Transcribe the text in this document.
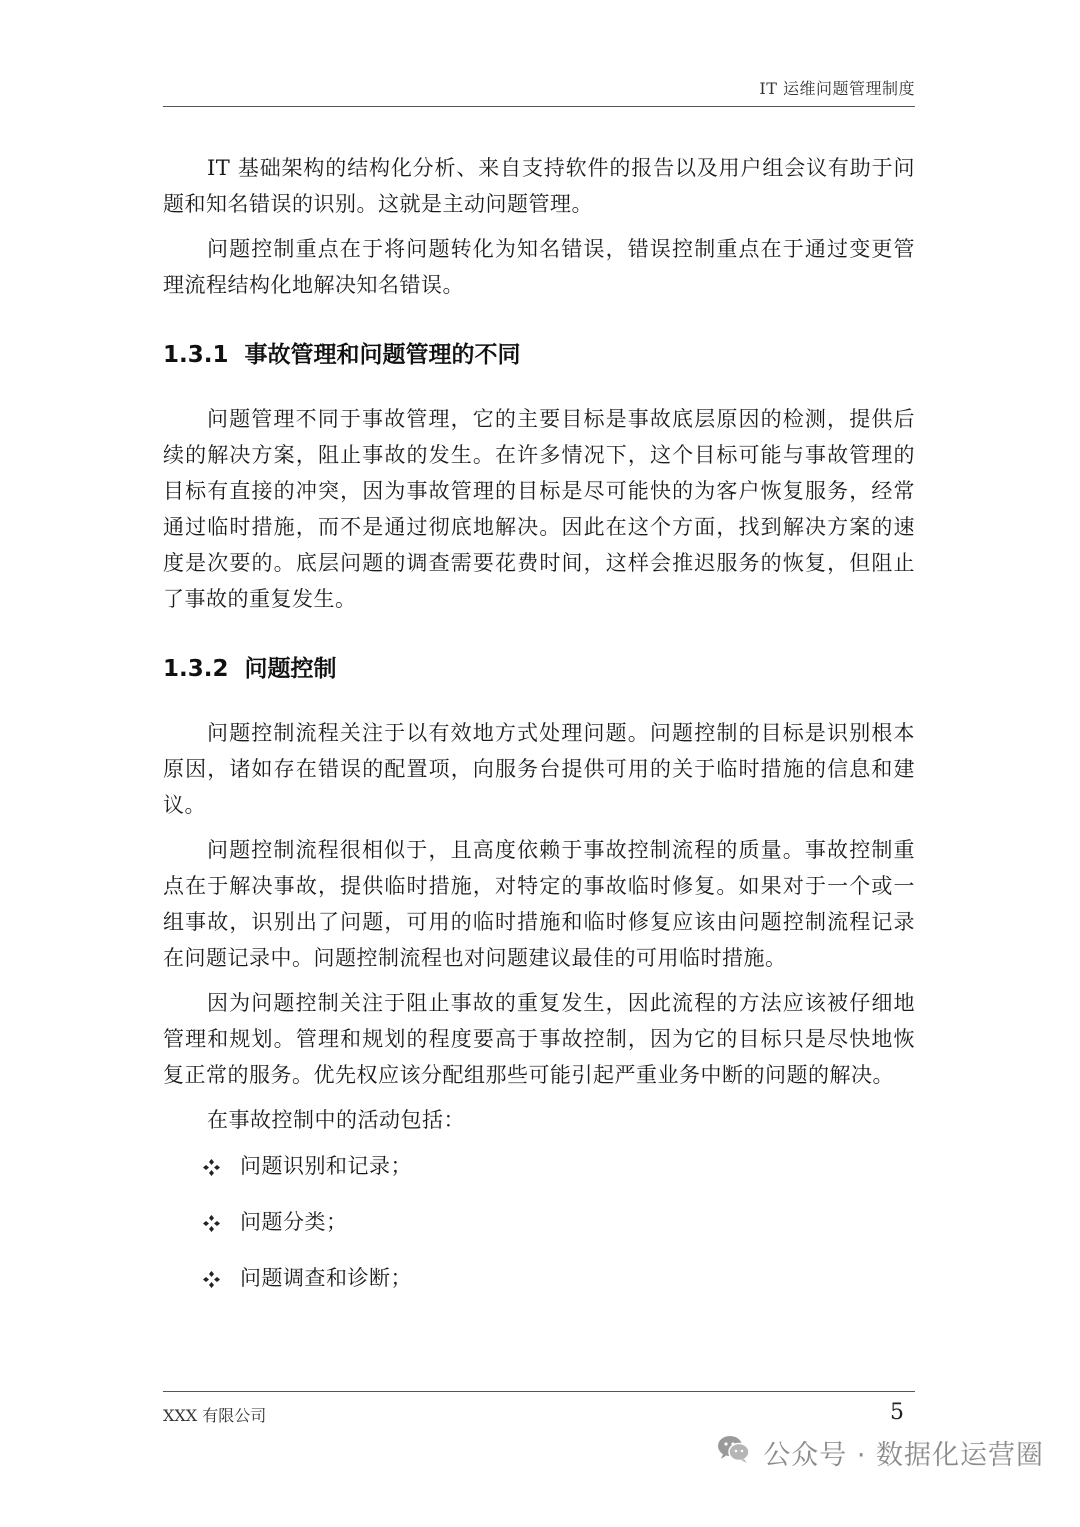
IT 运维问题管理制度

IT 基础架构的结构化分析、来自支持软件的报告以及用户组会议有助于问题和知名错误的识别。这就是主动问题管理。

问题控制重点在于将问题转化为知名错误，错误控制重点在于通过变更管理流程结构化地解决知名错误。

1.3.1 事故管理和问题管理的不同

问题管理不同于事故管理，它的主要目标是事故底层原因的检测，提供后续的解决方案，阻止事故的发生。在许多情况下，这个目标可能与事故管理的目标有直接的冲突，因为事故管理的目标是尽可能快的为客户恢复服务，经常通过临时措施，而不是通过彻底地解决。因此在这个方面，找到解决方案的速度是次要的。底层问题的调查需要花费时间，这样会推迟服务的恢复，但阻止了事故的重复发生。

1.3.2 问题控制

问题控制流程关注于以有效地方式处理问题。问题控制的目标是识别根本原因，诸如存在错误的配置项，向服务台提供可用的关于临时措施的信息和建议。

问题控制流程很相似于，且高度依赖于事故控制流程的质量。事故控制重点在于解决事故，提供临时措施，对特定的事故临时修复。如果对于一个或一组事故，识别出了问题，可用的临时措施和临时修复应该由问题控制流程记录在问题记录中。问题控制流程也对问题建议最佳的可用临时措施。

因为问题控制关注于阻止事故的重复发生，因此流程的方法应该被仔细地管理和规划。管理和规划的程度要高于事故控制，因为它的目标只是尽快地恢复正常的服务。优先权应该分配组那些可能引起严重业务中断的问题的解决。

在事故控制中的活动包括：

问题识别和记录；
问题分类；
问题调查和诊断；
XXX 有限公司	5
公众号 · 数据化运营圈
